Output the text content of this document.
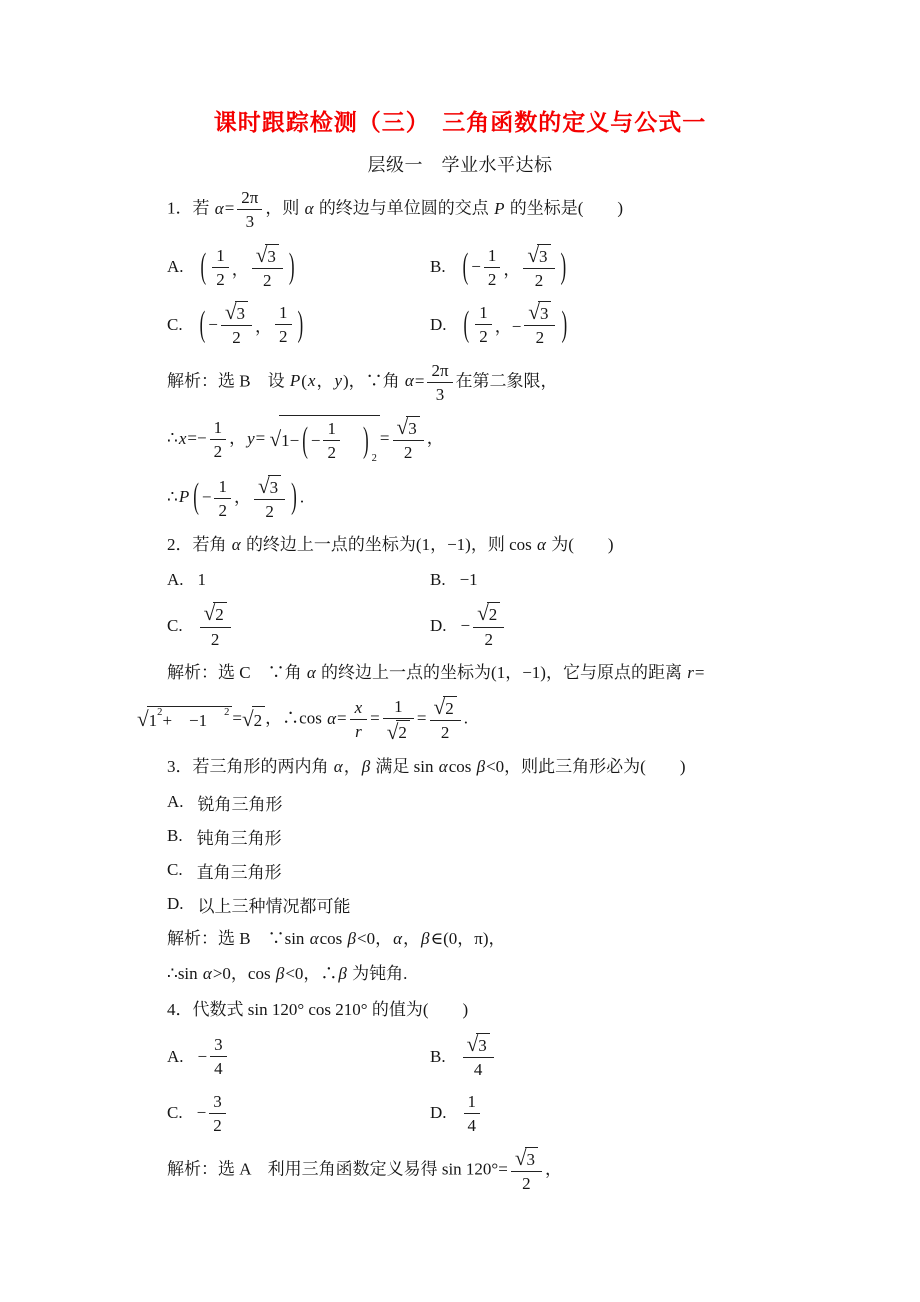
课时跟踪检测（三）　三角函数的定义与公式一
层级一　学业水平达标
1．若 $\alpha= \frac{2\pi}{3}$ ，则 α 的终边与单位圆的交点 P 的坐标是(　　)
A. ( $\frac{1}{2}$ ， $\frac{√ 3}{2}$ )	B. ( − $\frac{1}{2}$ ， $\frac{√ 3}{2}$ )
C. ( − $\frac{√ 3}{2}$ ， $\frac{1}{2}$ )	D. ( $\frac{1}{2}$ ，− $\frac{√ 3}{2}$ )
解析：选 B　设 P(x，y)，∵角 $\alpha= \frac{2\pi}{3}$ 在第二象限，
∴x=− $\frac{1}{2}$ ，y= √ 1− ( − $\frac{1}{2}$
　 ) 2
= $\frac{√ 3}{2}$ ，
∴P ( − $\frac{1}{2}$ ， $\frac{√ 3}{2}$ ) .
2．若角 α 的终边上一点的坐标为(1，−1)，则 cos α 为(　　)
A. 1	B. −1
C. $\frac{√ 2}{2}$	D. − $\frac{√ 2}{2}$
解析：选 C　∵角 α 的终边上一点的坐标为(1，−1)，它与原点的距离 r=
√ 1 2 +　−1　 2 = √ 2 ，∴cos $\alpha= \frac{x}{r} = \frac{1}{√ 2} = \frac{√ 2}{2}$ .
3．若三角形的两内角 α，β 满足 sin αcos β<0，则此三角形必为(　　)
A. 锐角三角形
B. 钝角三角形
C. 直角三角形
D. 以上三种情况都可能
解析：选 B　∵sin αcos β<0，α，β∈(0，π)，
∴sin α>0，cos β<0，∴β 为钝角.
4．代数式 sin 120° cos 210° 的值为(　　)
A. − $\frac{3}{4}$	B. $\frac{√ 3}{4}$
C. − $\frac{3}{2}$	D. $\frac{1}{4}$
解析：选 A　利用三角函数定义易得 $\sin 120^\circ= \frac{√ 3}{2}$ ，
